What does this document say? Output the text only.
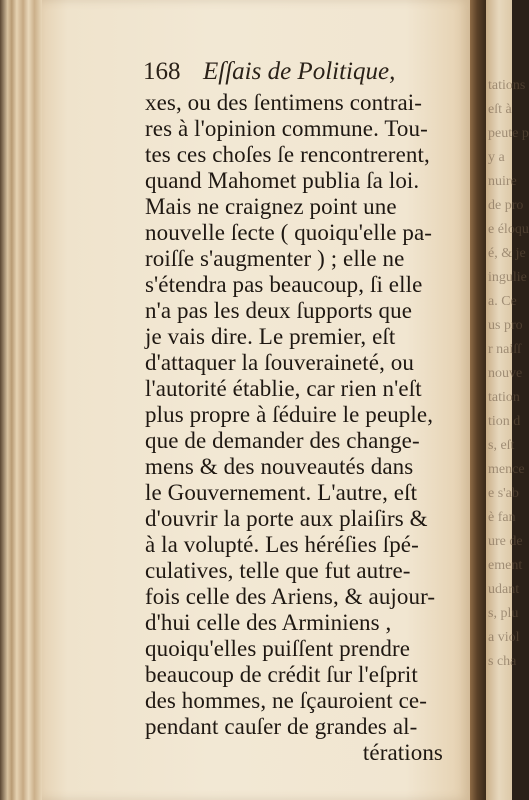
168 Eſſais de Politique,
xes, ou des ſentimens contrai-
res à l'opinion commune. Tou-
tes ces choſes ſe rencontrerent,
quand Mahomet publia ſa loi.
Mais ne craignez point une
nouvelle ſecte ( quoiqu'elle pa-
roiſſe s'augmenter ) ; elle ne
s'étendra pas beaucoup, ſi elle
n'a pas les deux ſupports que
je vais dire. Le premier, eſt
d'attaquer la ſouveraineté, ou
l'autorité établie, car rien n'eſt
plus propre à ſéduire le peuple,
que de demander des change-
mens & des nouveautés dans
le Gouvernement. L'autre, eſt
d'ouvrir la porte aux plaiſirs &
à la volupté. Les héréſies ſpé-
culatives, telle que fut autre-
fois celle des Ariens, & aujour-
d'hui celle des Arminiens ,
quoiqu'elles puiſſent prendre
beaucoup de crédit ſur l'eſprit
des hommes, ne ſçauroient ce-
pendant cauſer de grandes al-
térations
tations
eſt à
peute p
y a
nuire
de pro
e éloqu
é, & je
ingulie
a. Ce
us pro
r naiſſ
nouve
tation
tion d
s, eſt
mence
e s'ab
è fan
ure de
ement
udant
s, plu
a viol
s cha
